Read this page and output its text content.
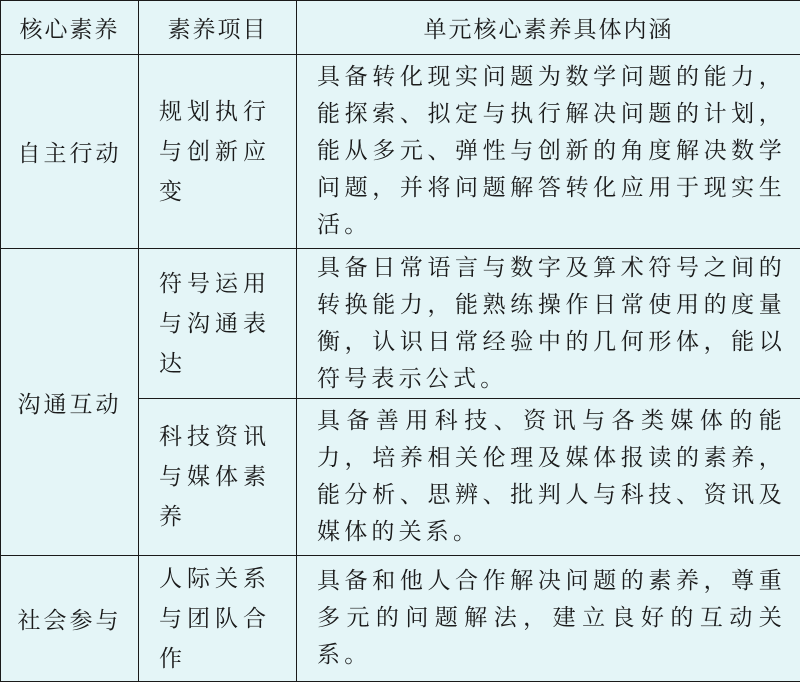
核心素养	素养项目	单元核心素养具体内涵
自主行动	规划执行与创新应变	具备转化现实问题为数学问题的能力，能探索、拟定与执行解决问题的计划，能从多元、弹性与创新的角度解决数学问题，并将问题解答转化应用于现实生活。
沟通互动	符号运用与沟通表达	具备日常语言与数字及算术符号之间的转换能力，能熟练操作日常使用的度量衡，认识日常经验中的几何形体，能以符号表示公式。
	科技资讯与媒体素养	具备善用科技、资讯与各类媒体的能力，培养相关伦理及媒体报读的素养，能分析、思辨、批判人与科技、资讯及媒体的关系。
社会参与	人际关系与团队合作	具备和他人合作解决问题的素养，尊重多元的问题解法，建立良好的互动关系。
